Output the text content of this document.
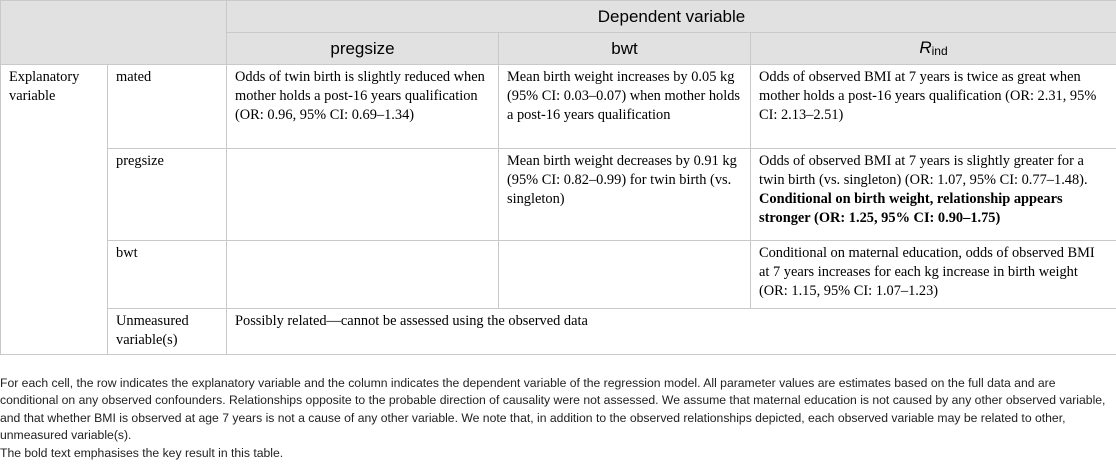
		Dependent variable		
		pregsize	bwt	$R_{ind}$
Explanatory variable	mated	Odds of twin birth is slightly reduced when mother holds a post-16 years qualification (OR: 0.96, 95% CI: 0.69–1.34)	Mean birth weight increases by 0.05 kg (95% CI: 0.03–0.07) when mother holds a post-16 years qualification	Odds of observed BMI at 7 years is twice as great when mother holds a post-16 years qualification (OR: 2.31, 95% CI: 2.13–2.51)
	pregsize		Mean birth weight decreases by 0.91 kg (95% CI: 0.82–0.99) for twin birth (vs. singleton)	Odds of observed BMI at 7 years is slightly greater for a twin birth (vs. singleton) (OR: 1.07, 95% CI: 0.77–1.48). Conditional on birth weight, relationship appears stronger (OR: 1.25, 95% CI: 0.90–1.75)
	bwt			Conditional on maternal education, odds of observed BMI at 7 years increases for each kg increase in birth weight (OR: 1.15, 95% CI: 1.07–1.23)
	Unmeasured variable(s)	Possibly related—cannot be assessed using the observed data		

For each cell, the row indicates the explanatory variable and the column indicates the dependent variable of the regression model. All parameter values are estimates based on the full data and are conditional on any observed confounders. Relationships opposite to the probable direction of causality were not assessed. We assume that maternal education is not caused by any other observed variable, and that whether BMI is observed at age 7 years is not a cause of any other variable. We note that, in addition to the observed relationships depicted, each observed variable may be related to other, unmeasured variable(s).

The bold text emphasises the key result in this table.
